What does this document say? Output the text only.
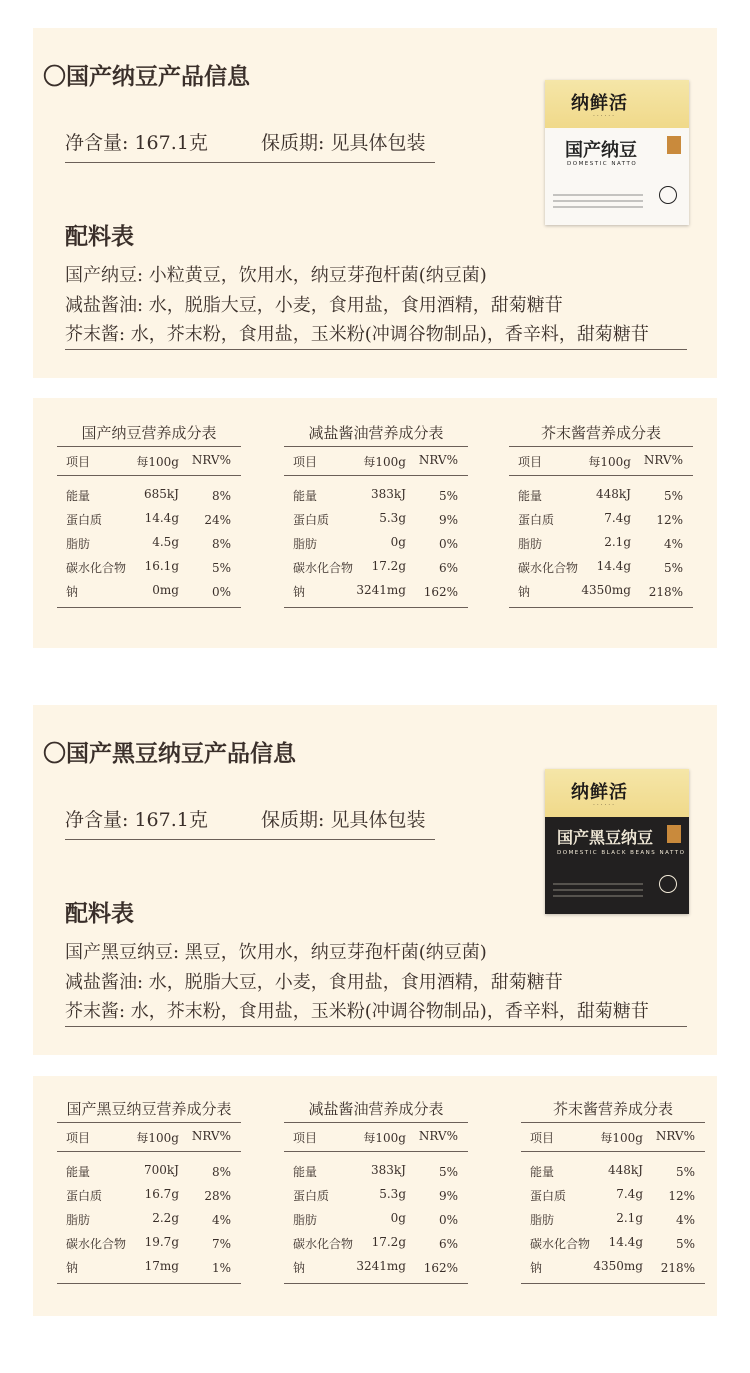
〇国产纳豆产品信息
净含量: 167.1克	保质期: 见具体包装
配料表
国产纳豆: 小粒黄豆，饮用水，纳豆芽孢杆菌(纳豆菌)
减盐酱油: 水，脱脂大豆，小麦，食用盐，食用酒精，甜菊糖苷
芥末酱: 水，芥末粉，食用盐，玉米粉(冲调谷物制品)，香辛料，甜菊糖苷
纳鲜活
· · · · · ·
国产纳豆
DOMESTIC NATTO
国产纳豆营养成分表
项目	每100g NRV%
能量	685kJ	8%
蛋白质	14.4g 24%
脂肪	4.5g	8%
碳水化合物 16.1g	5%
钠	0mg	0%
减盐酱油营养成分表
项目	每100g NRV%
能量	383kJ	5%
蛋白质	5.3g	9%
脂肪	0g	0%
碳水化合物 17.2g	6%
钠	3241mg 162%
芥末酱营养成分表
项目	每100g NRV%
能量	448kJ	5%
蛋白质	7.4g 12%
脂肪	2.1g	4%
碳水化合物 14.4g	5%
钠	4350mg 218%
〇国产黑豆纳豆产品信息
净含量: 167.1克	保质期: 见具体包装
配料表
国产黑豆纳豆: 黑豆，饮用水，纳豆芽孢杆菌(纳豆菌)
减盐酱油: 水，脱脂大豆，小麦，食用盐，食用酒精，甜菊糖苷
芥末酱: 水，芥末粉，食用盐，玉米粉(冲调谷物制品)，香辛料，甜菊糖苷
纳鲜活
· · · · · ·
国产黑豆纳豆
DOMESTIC BLACK BEANS NATTO
国产黑豆纳豆营养成分表
项目	每100g NRV%
能量	700kJ	8%
蛋白质	16.7g 28%
脂肪	2.2g	4%
碳水化合物 19.7g	7%
钠	17mg	1%
减盐酱油营养成分表
项目	每100g NRV%
能量	383kJ	5%
蛋白质	5.3g	9%
脂肪	0g	0%
碳水化合物 17.2g	6%
钠	3241mg 162%
芥末酱营养成分表
项目	每100g NRV%
能量	448kJ	5%
蛋白质	7.4g 12%
脂肪	2.1g	4%
碳水化合物 14.4g	5%
钠	4350mg 218%
